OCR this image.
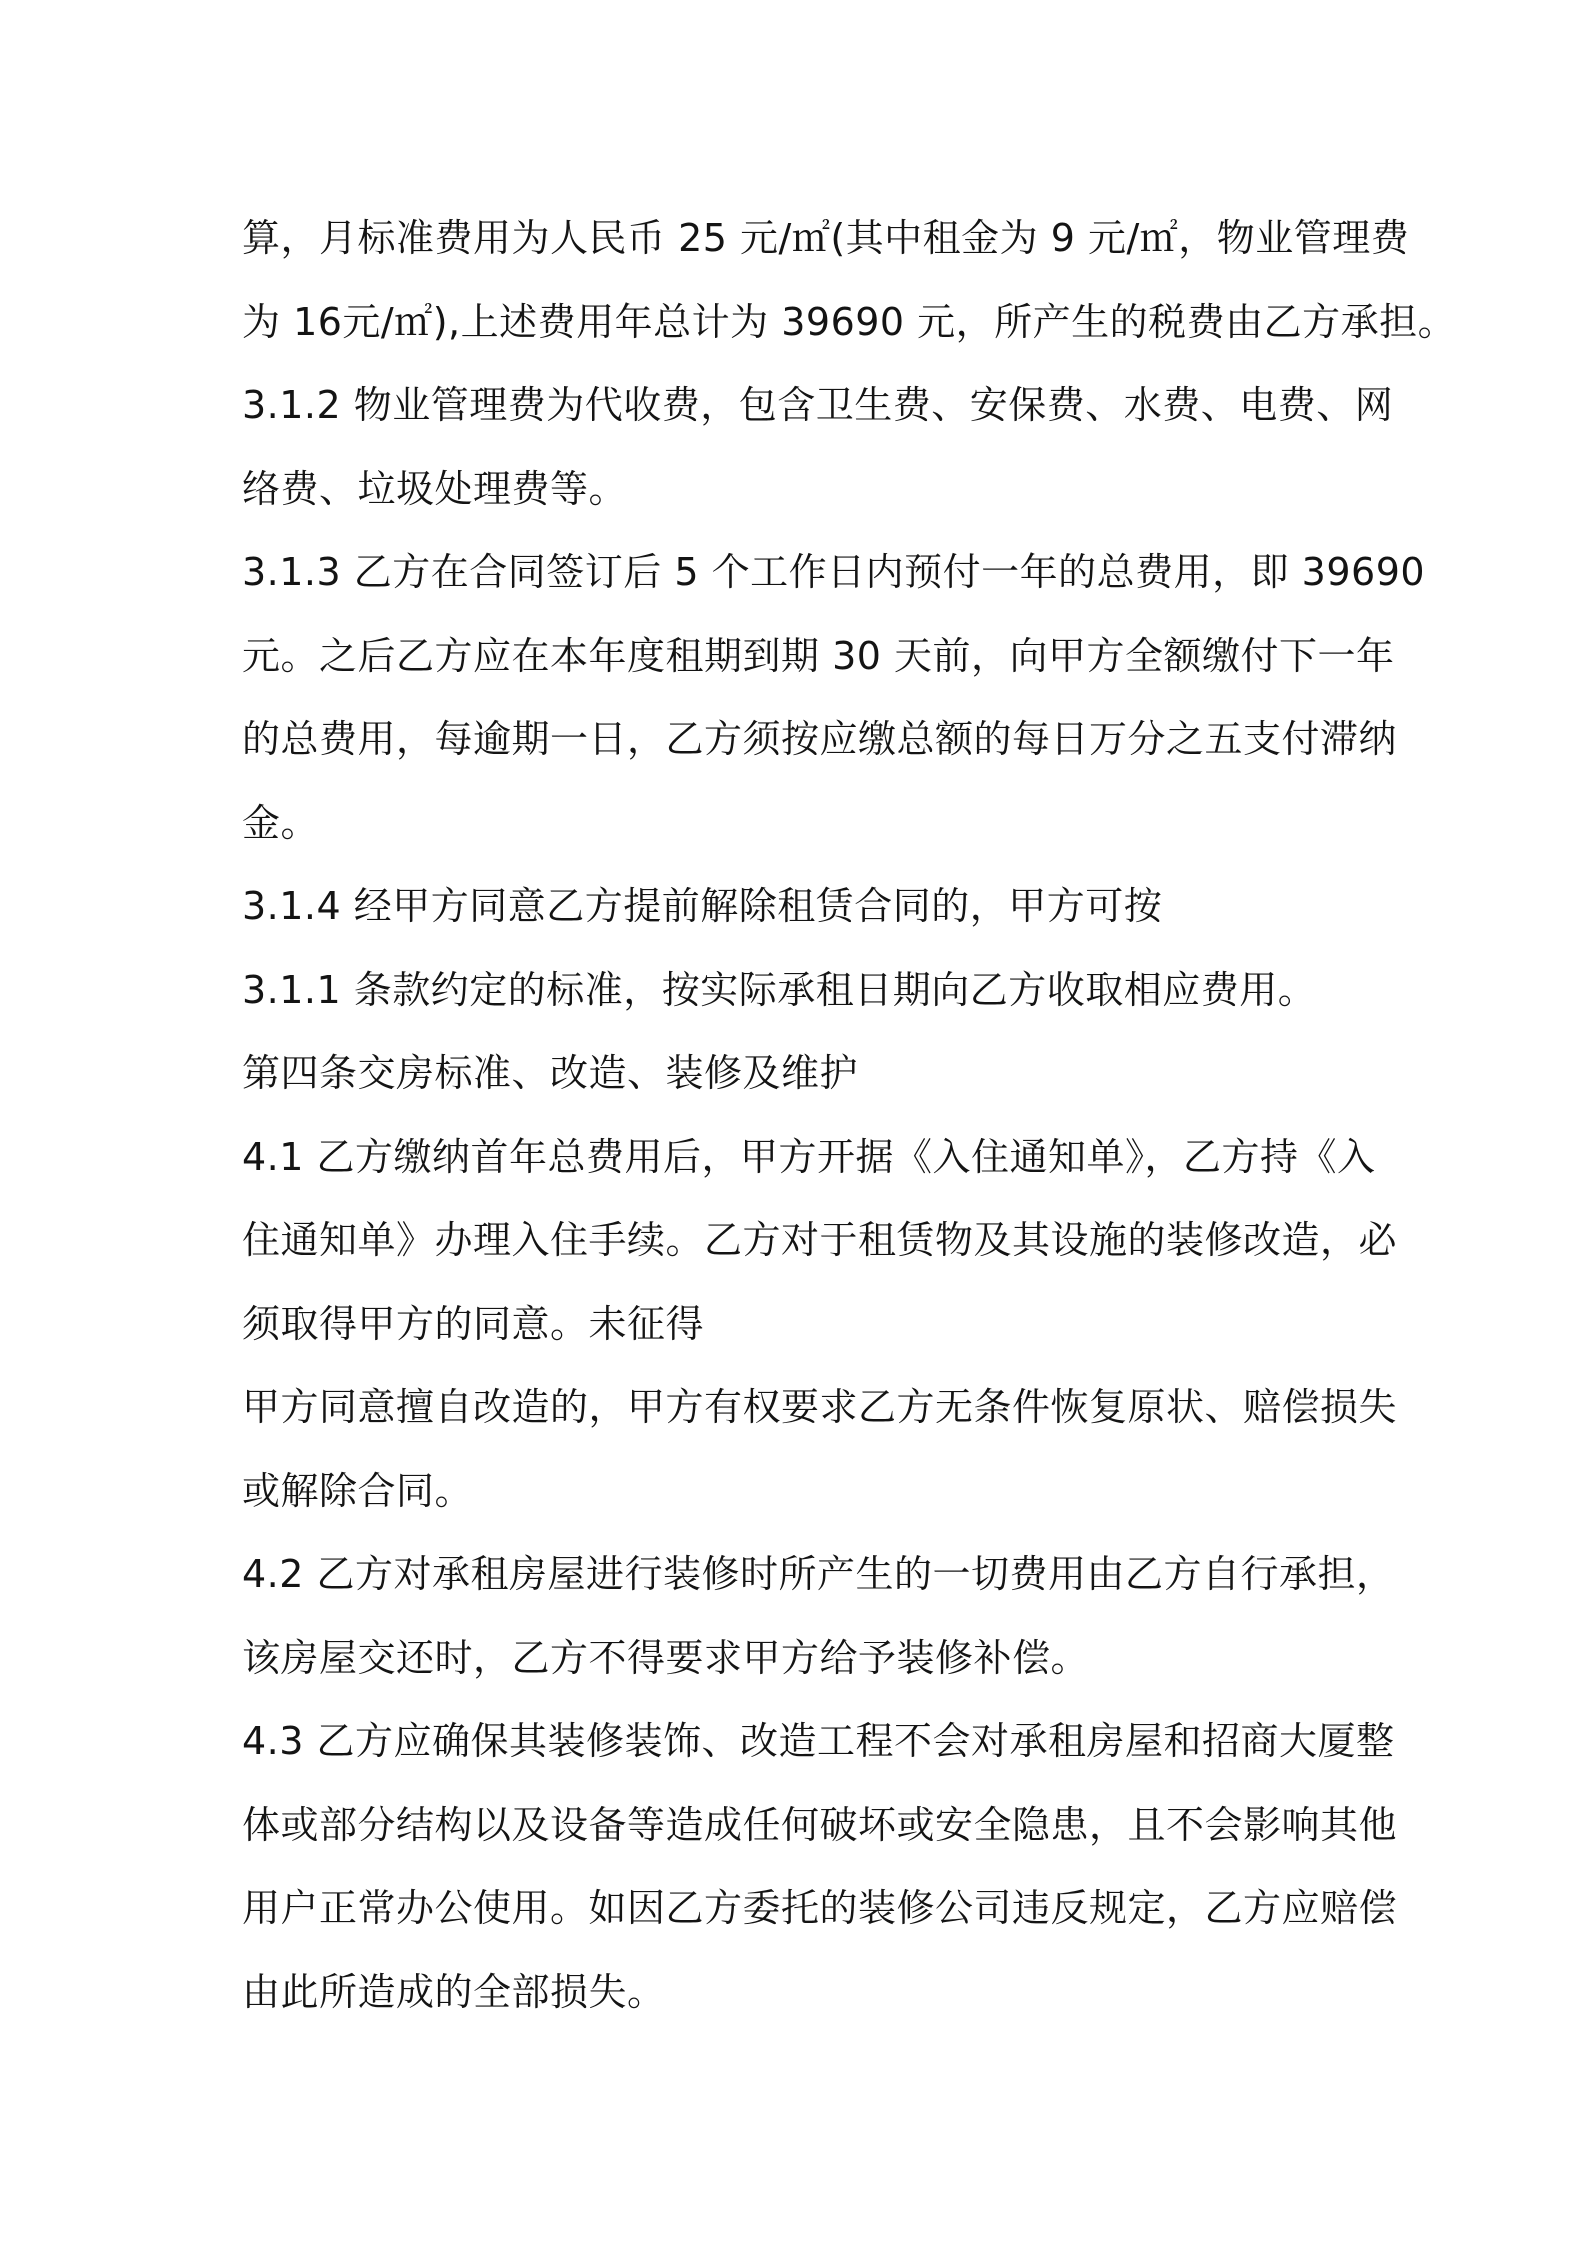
算，月标准费用为人民币 25 元/㎡(其中租金为 9 元/㎡，物业管理费
为 16元/㎡),上述费用年总计为 39690 元，所产生的税费由乙方承担。
3.1.2 物业管理费为代收费，包含卫生费、安保费、水费、电费、网
络费、垃圾处理费等。
3.1.3 乙方在合同签订后 5 个工作日内预付一年的总费用，即 39690
元。之后乙方应在本年度租期到期 30 天前，向甲方全额缴付下一年
的总费用，每逾期一日，乙方须按应缴总额的每日万分之五支付滞纳
金。
3.1.4 经甲方同意乙方提前解除租赁合同的，甲方可按
3.1.1 条款约定的标准，按实际承租日期向乙方收取相应费用。
第四条交房标准、改造、装修及维护
4.1 乙方缴纳首年总费用后，甲方开据《入住通知单》，乙方持《入
住通知单》办理入住手续。乙方对于租赁物及其设施的装修改造，必
须取得甲方的同意。未征得
甲方同意擅自改造的，甲方有权要求乙方无条件恢复原状、赔偿损失
或解除合同。
4.2 乙方对承租房屋进行装修时所产生的一切费用由乙方自行承担，
该房屋交还时，乙方不得要求甲方给予装修补偿。
4.3 乙方应确保其装修装饰、改造工程不会对承租房屋和招商大厦整
体或部分结构以及设备等造成任何破坏或安全隐患，且不会影响其他
用户正常办公使用。如因乙方委托的装修公司违反规定，乙方应赔偿
由此所造成的全部损失。
